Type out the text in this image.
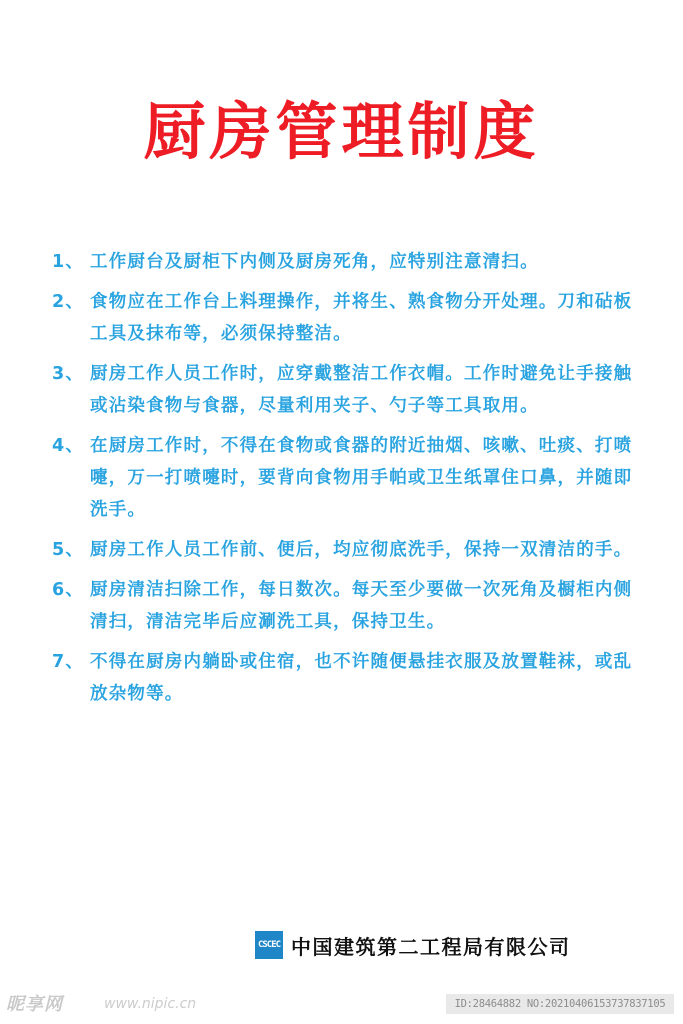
厨房管理制度
1、 工作厨台及厨柜下内侧及厨房死角，应特别注意清扫。
2、 食物应在工作台上料理操作，并将生、熟食物分开处理。刀和砧板工具及抹布等，必须保持整洁。
3、 厨房工作人员工作时，应穿戴整洁工作衣帽。工作时避免让手接触或沾染食物与食器，尽量利用夹子、勺子等工具取用。
4、 在厨房工作时，不得在食物或食器的附近抽烟、咳嗽、吐痰、打喷嚏，万一打喷嚏时，要背向食物用手帕或卫生纸罩住口鼻，并随即洗手。
5、 厨房工作人员工作前、便后，均应彻底洗手，保持一双清洁的手。
6、 厨房清洁扫除工作，每日数次。每天至少要做一次死角及橱柜内侧清扫，清洁完毕后应涮洗工具，保持卫生。
7、 不得在厨房内躺卧或住宿，也不许随便悬挂衣服及放置鞋袜，或乱放杂物等。
CSCEC 中国建筑第二工程局有限公司
昵享网	www.nipic.cn	ID:28464882 NO:20210406153737837105
